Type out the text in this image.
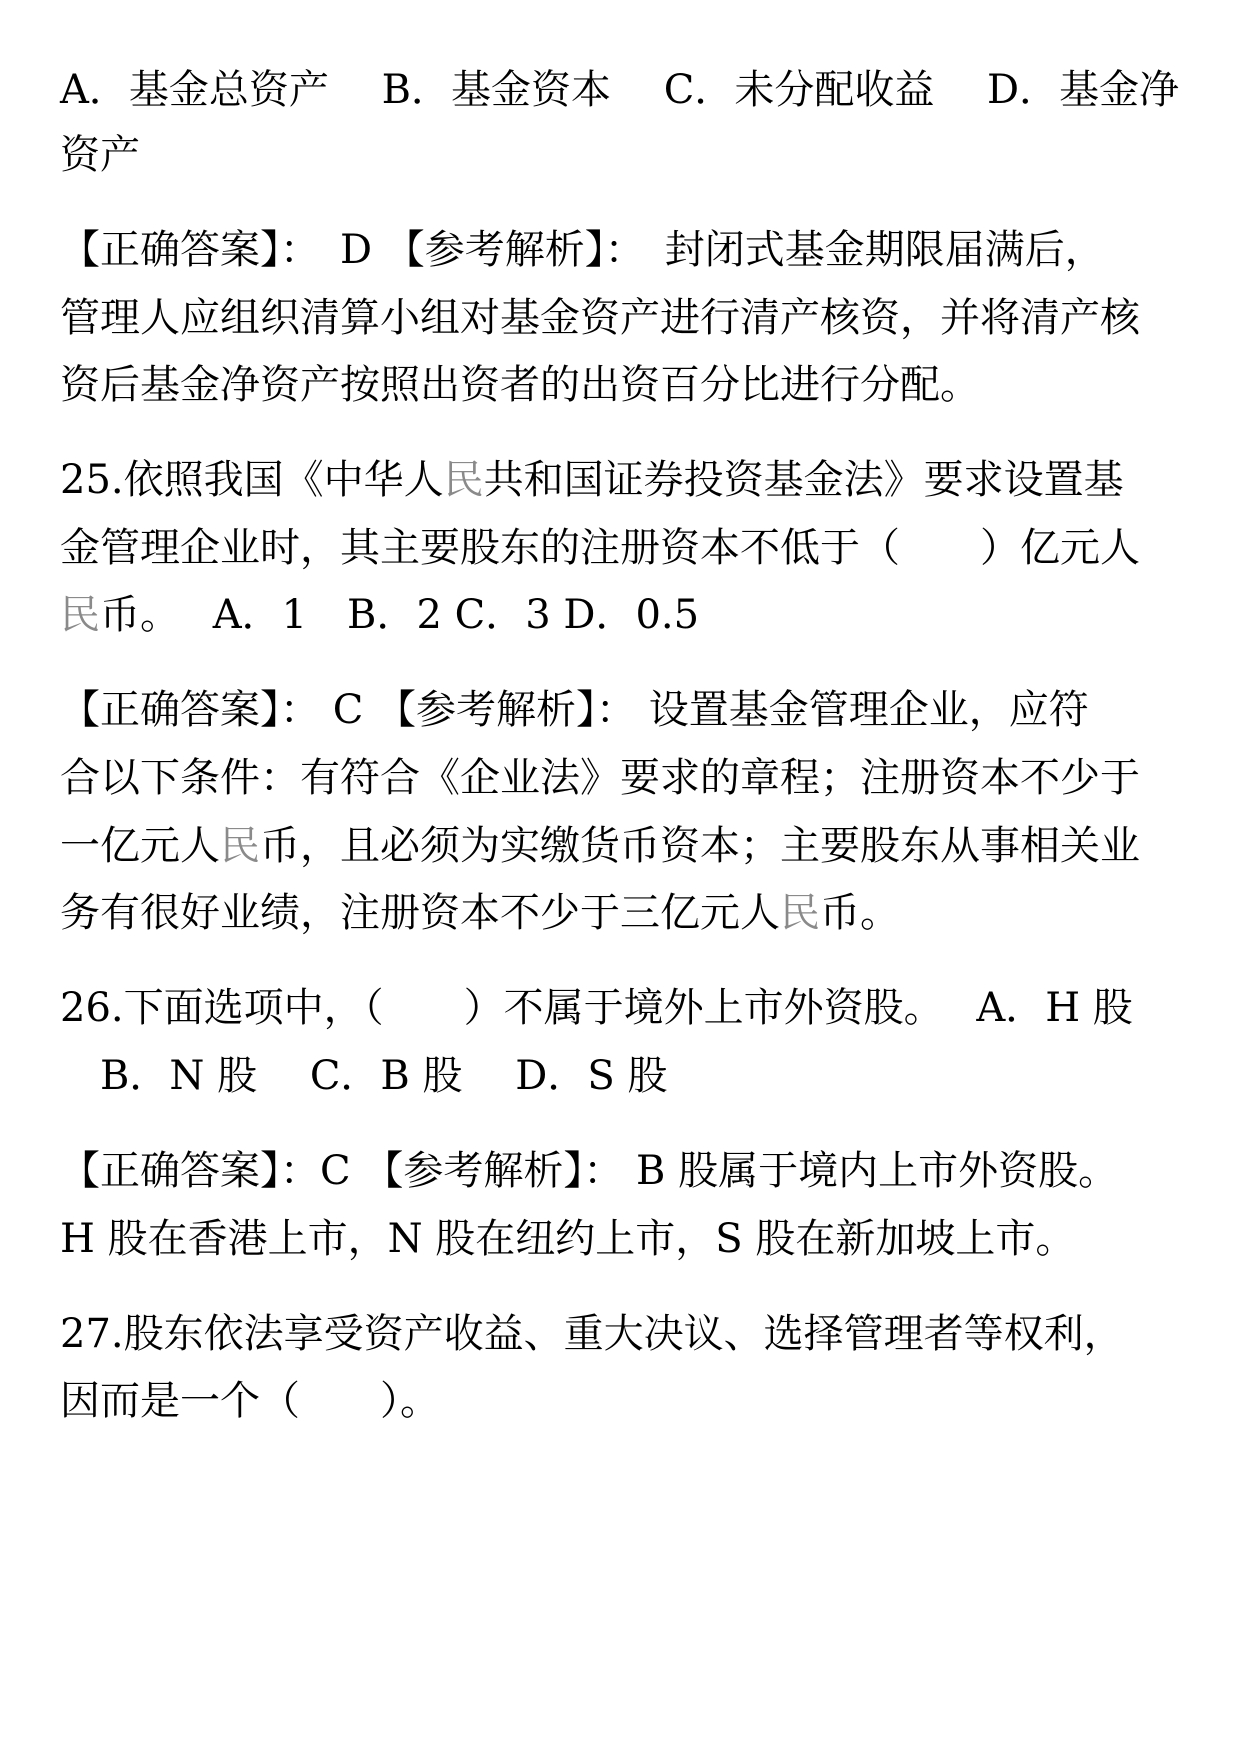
A．基金总资产　 B．基金资本　 C．未分配收益　 D．基金净
资产
【正确答案】：　D 【参考解析】：　封闭式基金期限届满后，
管理人应组织清算小组对基金资产进行清产核资，并将清产核
资后基金净资产按照出资者的出资百分比进行分配。
25.依照我国《中华人民共和国证券投资基金法》要求设置基
金管理企业时，其主要股东的注册资本不低于（　　）亿元人
民币。　 A．1　B．2 C．3 D．0.5
【正确答案】： C 【参考解析】： 设置基金管理企业，应符
合以下条件：有符合《企业法》要求的章程；注册资本不少于
一亿元人民币，且必须为实缴货币资本；主要股东从事相关业
务有很好业绩，注册资本不少于三亿元人民币。
26.下面选项中，（　　）不属于境外上市外资股。　 A．H 股
　B．N 股　 C．B 股　 D．S 股
【正确答案】：C 【参考解析】： B 股属于境内上市外资股。
H 股在香港上市，N 股在纽约上市，S 股在新加坡上市。
27.股东依法享受资产收益、重大决议、选择管理者等权利，
因而是一个（　　）。
